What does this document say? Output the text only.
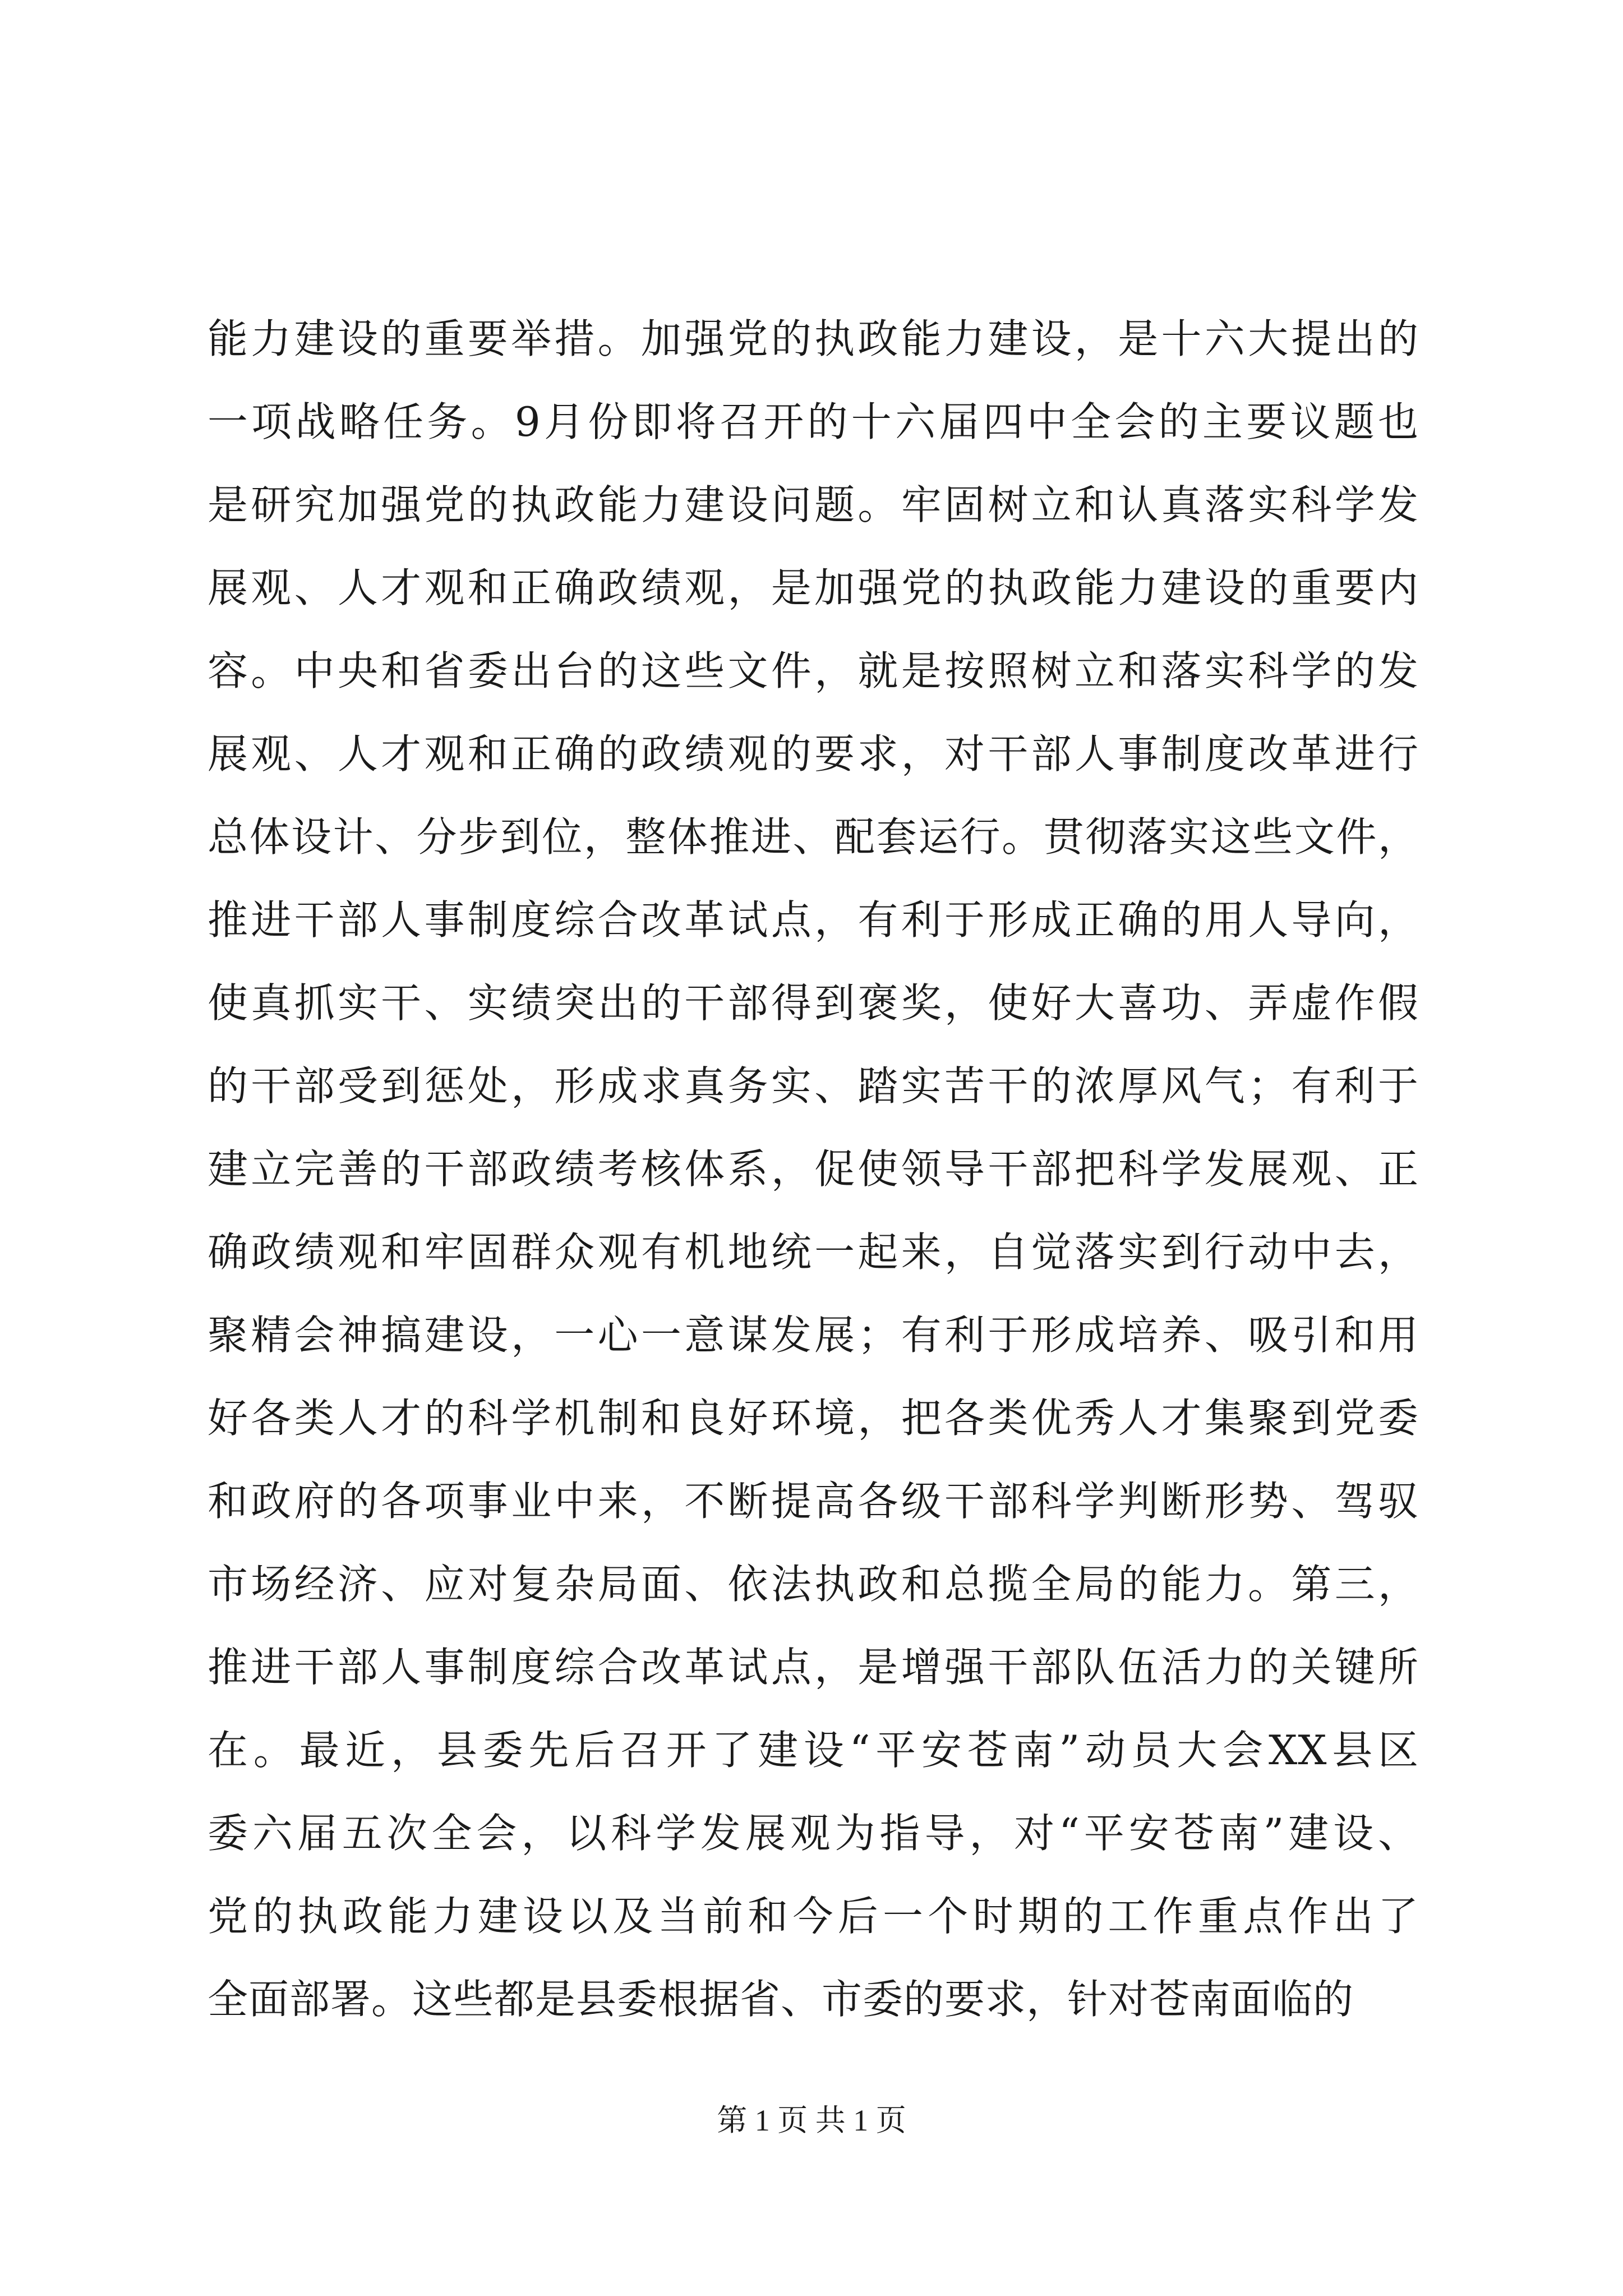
能力建设的重要举措。加强党的执政能力建设，是十六大提出的
一项战略任务。9月份即将召开的十六届四中全会的主要议题也
是研究加强党的执政能力建设问题。牢固树立和认真落实科学发
展观、人才观和正确政绩观，是加强党的执政能力建设的重要内
容。中央和省委出台的这些文件，就是按照树立和落实科学的发
展观、人才观和正确的政绩观的要求，对干部人事制度改革进行
总体设计、分步到位，整体推进、配套运行。贯彻落实这些文件，
推进干部人事制度综合改革试点，有利于形成正确的用人导向，
使真抓实干、实绩突出的干部得到褒奖，使好大喜功、弄虚作假
的干部受到惩处，形成求真务实、踏实苦干的浓厚风气；有利于
建立完善的干部政绩考核体系，促使领导干部把科学发展观、正
确政绩观和牢固群众观有机地统一起来，自觉落实到行动中去，
聚精会神搞建设，一心一意谋发展；有利于形成培养、吸引和用
好各类人才的科学机制和良好环境，把各类优秀人才集聚到党委
和政府的各项事业中来，不断提高各级干部科学判断形势、驾驭
市场经济、应对复杂局面、依法执政和总揽全局的能力。第三，
推进干部人事制度综合改革试点，是增强干部队伍活力的关键所
在。最近，县委先后召开了建设“平安苍南”动员大会XX县区
委六届五次全会，以科学发展观为指导，对“平安苍南”建设、
党的执政能力建设以及当前和今后一个时期的工作重点作出了
全面部署。这些都是县委根据省、市委的要求，针对苍南面临的
第 1 页 共 1 页
